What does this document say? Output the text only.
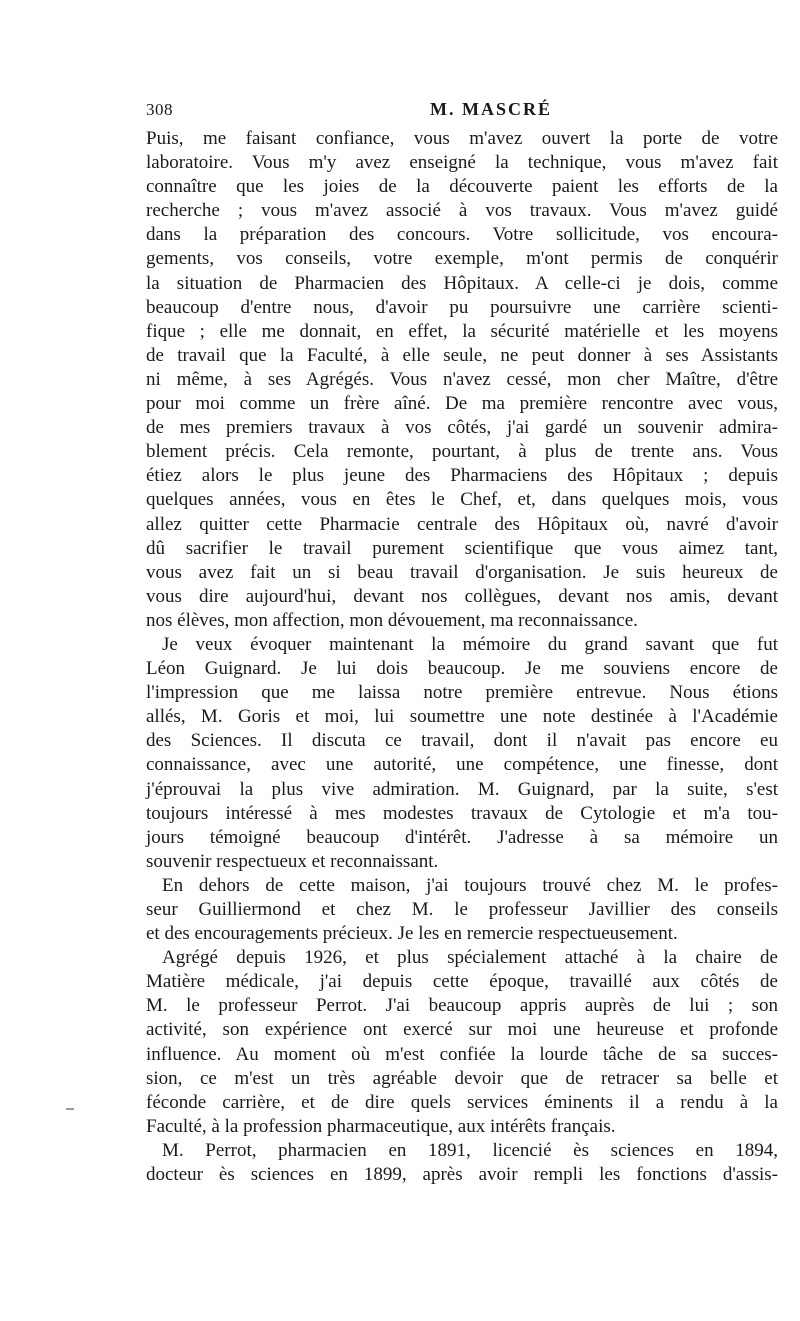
308	M. MASCRÉ

Puis, me faisant confiance, vous m'avez ouvert la porte de votre
laboratoire. Vous m'y avez enseigné la technique, vous m'avez fait
connaître que les joies de la découverte paient les efforts de la
recherche ; vous m'avez associé à vos travaux. Vous m'avez guidé
dans la préparation des concours. Votre sollicitude, vos encoura-
gements, vos conseils, votre exemple, m'ont permis de conquérir
la situation de Pharmacien des Hôpitaux. A celle-ci je dois, comme
beaucoup d'entre nous, d'avoir pu poursuivre une carrière scienti-
fique ; elle me donnait, en effet, la sécurité matérielle et les moyens
de travail que la Faculté, à elle seule, ne peut donner à ses Assistants
ni même, à ses Agrégés. Vous n'avez cessé, mon cher Maître, d'être
pour moi comme un frère aîné. De ma première rencontre avec vous,
de mes premiers travaux à vos côtés, j'ai gardé un souvenir admira-
blement précis. Cela remonte, pourtant, à plus de trente ans. Vous
étiez alors le plus jeune des Pharmaciens des Hôpitaux ; depuis
quelques années, vous en êtes le Chef, et, dans quelques mois, vous
allez quitter cette Pharmacie centrale des Hôpitaux où, navré d'avoir
dû sacrifier le travail purement scientifique que vous aimez tant,
vous avez fait un si beau travail d'organisation. Je suis heureux de
vous dire aujourd'hui, devant nos collègues, devant nos amis, devant
nos élèves, mon affection, mon dévouement, ma reconnaissance.

Je veux évoquer maintenant la mémoire du grand savant que fut
Léon Guignard. Je lui dois beaucoup. Je me souviens encore de
l'impression que me laissa notre première entrevue. Nous étions
allés, M. Goris et moi, lui soumettre une note destinée à l'Académie
des Sciences. Il discuta ce travail, dont il n'avait pas encore eu
connaissance, avec une autorité, une compétence, une finesse, dont
j'éprouvai la plus vive admiration. M. Guignard, par la suite, s'est
toujours intéressé à mes modestes travaux de Cytologie et m'a tou-
jours témoigné beaucoup d'intérêt. J'adresse à sa mémoire un
souvenir respectueux et reconnaissant.

En dehors de cette maison, j'ai toujours trouvé chez M. le profes-
seur Guilliermond et chez M. le professeur Javillier des conseils
et des encouragements précieux. Je les en remercie respectueusement.

Agrégé depuis 1926, et plus spécialement attaché à la chaire de
Matière médicale, j'ai depuis cette époque, travaillé aux côtés de
M. le professeur Perrot. J'ai beaucoup appris auprès de lui ; son
activité, son expérience ont exercé sur moi une heureuse et profonde
influence. Au moment où m'est confiée la lourde tâche de sa succes-
sion, ce m'est un très agréable devoir que de retracer sa belle et
féconde carrière, et de dire quels services éminents il a rendu à la
Faculté, à la profession pharmaceutique, aux intérêts français.

M. Perrot, pharmacien en 1891, licencié ès sciences en 1894,
docteur ès sciences en 1899, après avoir rempli les fonctions d'assis-
